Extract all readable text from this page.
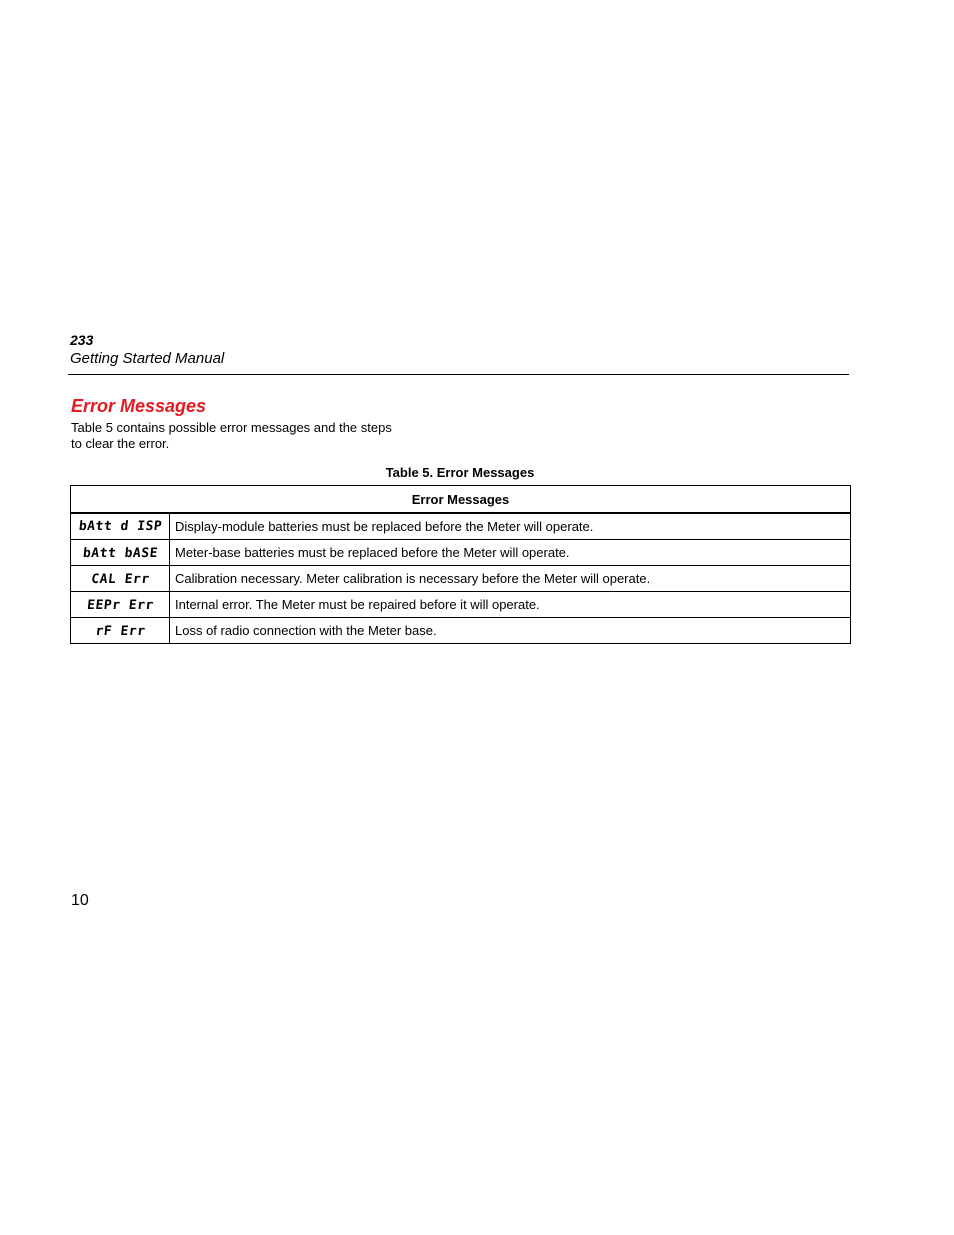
233
Getting Started Manual
Error Messages
Table 5 contains possible error messages and the steps
to clear the error.
Table 5. Error Messages
Error Messages	
bAtt d ISP	Display-module batteries must be replaced before the Meter will operate.
bAtt bASE	Meter-base batteries must be replaced before the Meter will operate.
CAL Err	Calibration necessary. Meter calibration is necessary before the Meter will operate.
EEPr Err	Internal error. The Meter must be repaired before it will operate.
rF Err	Loss of radio connection with the Meter base.
10
